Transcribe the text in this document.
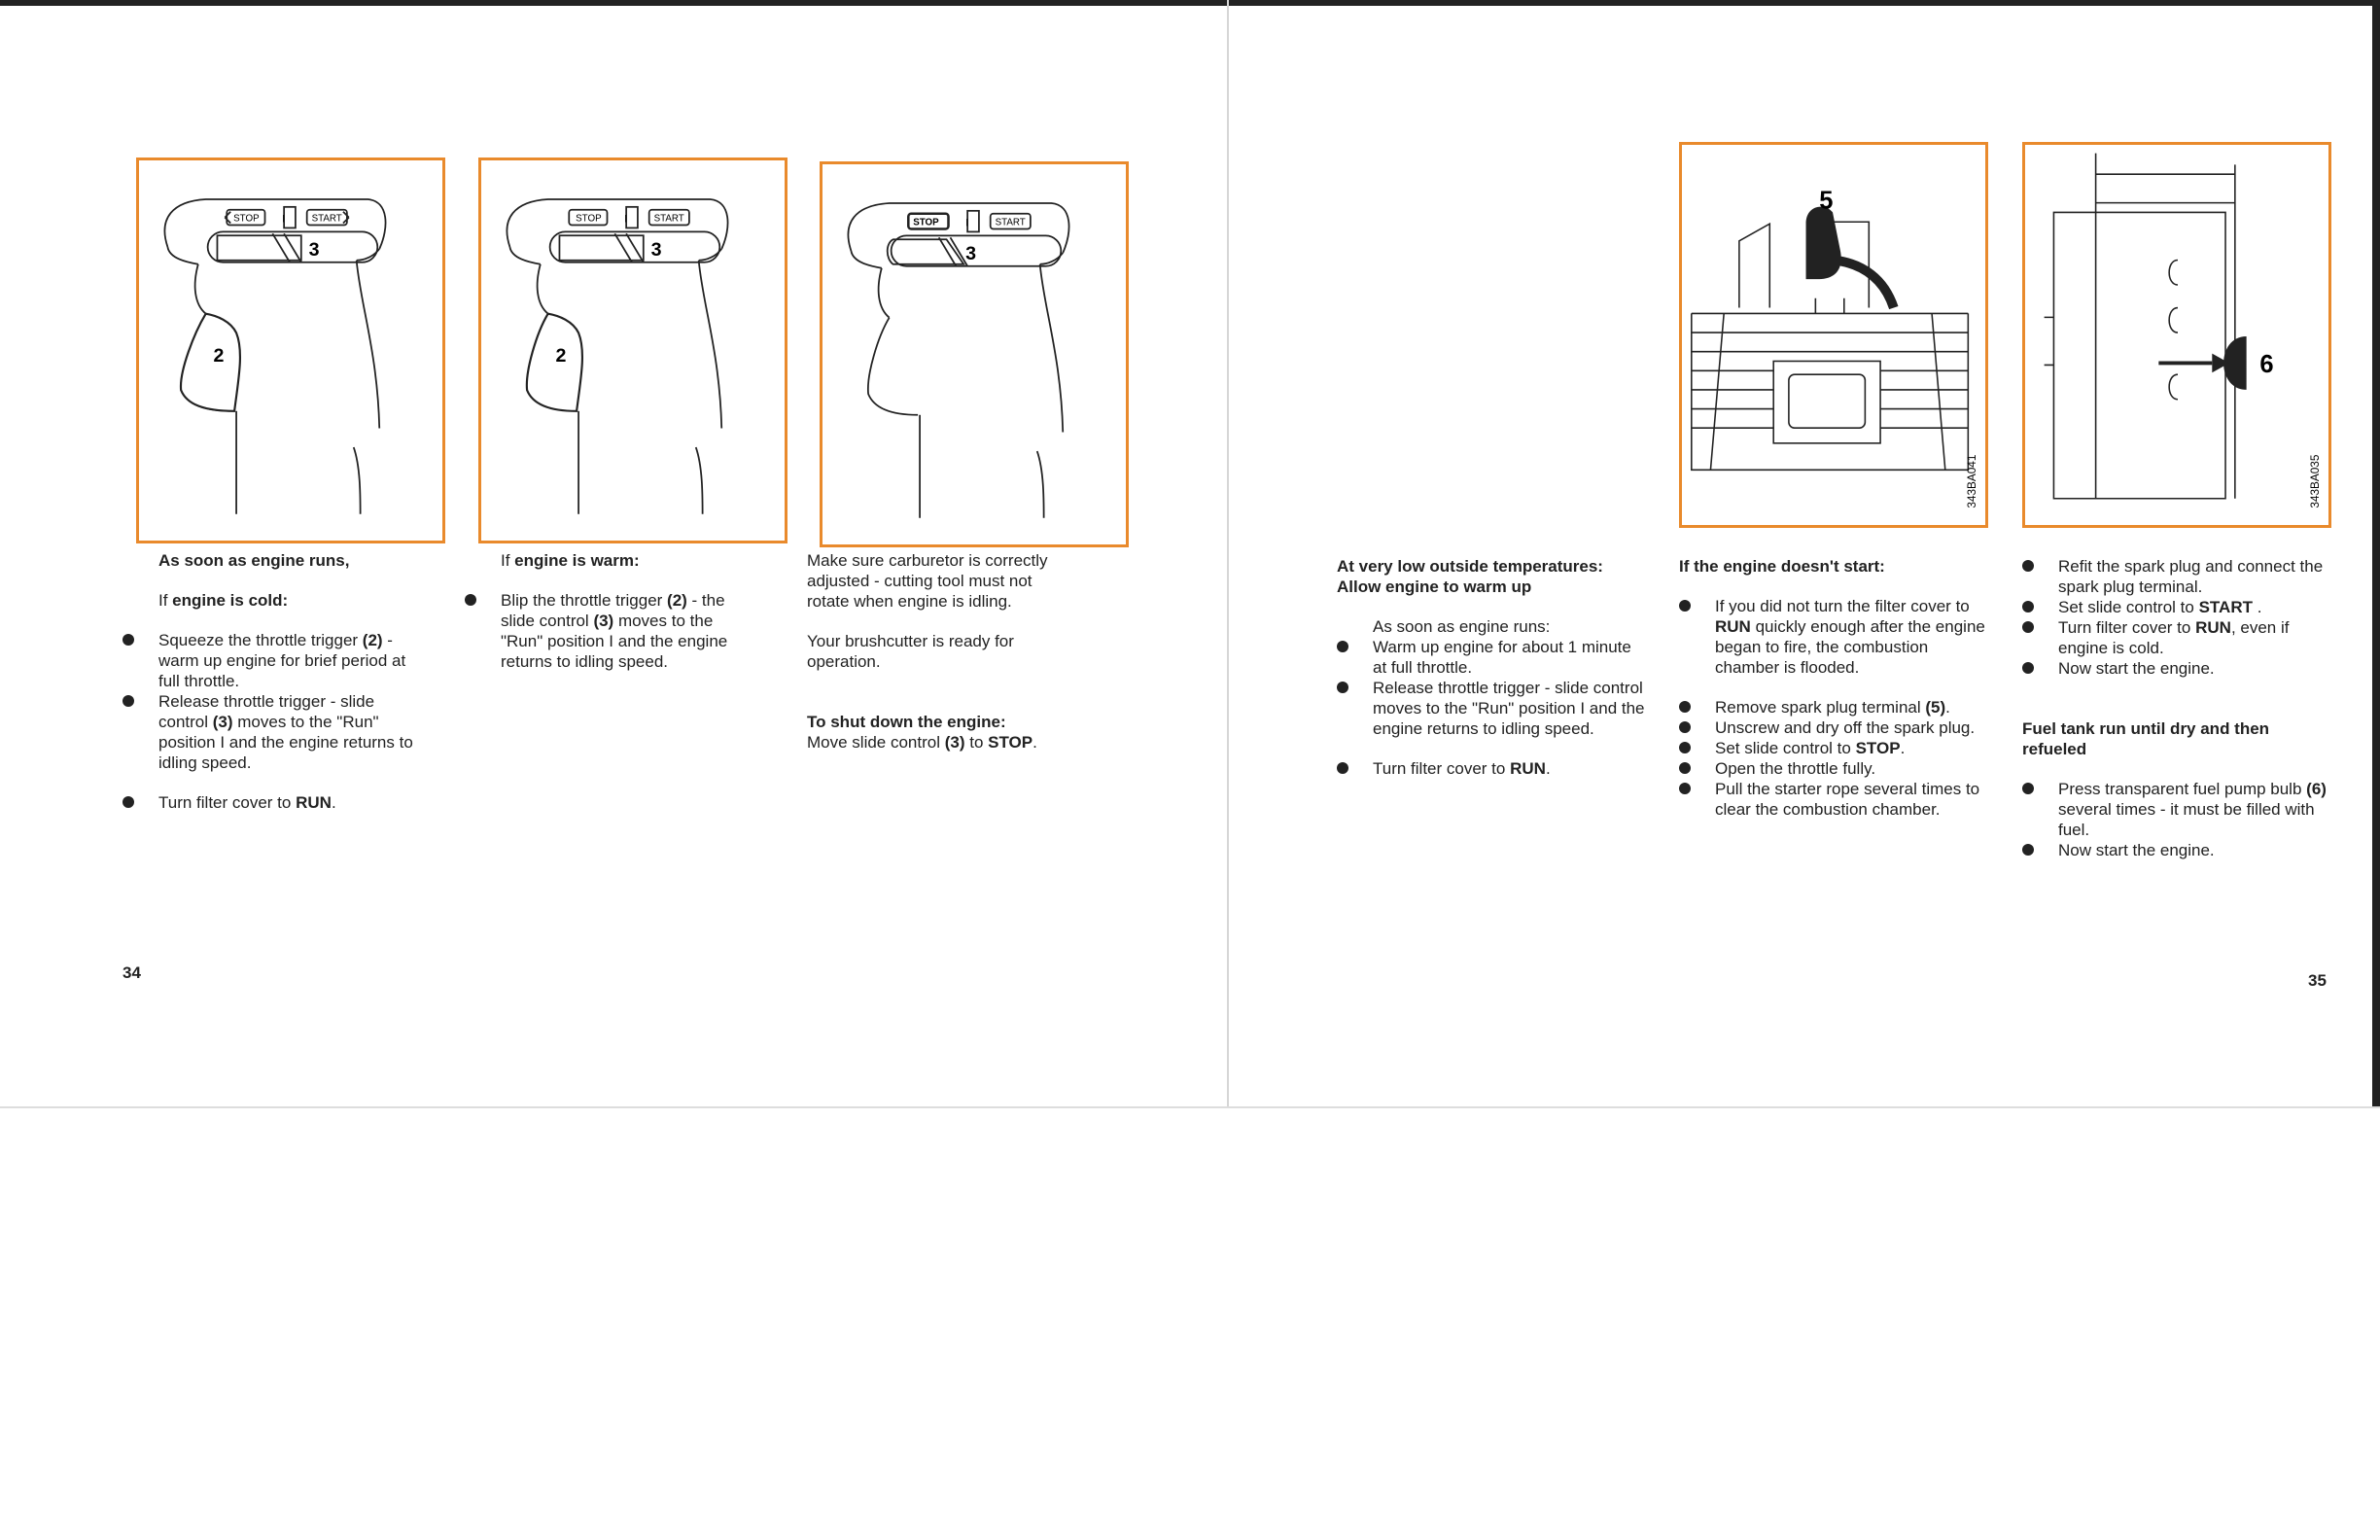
I
STOP	START
3
2
I
STOP	START
3
2
I
STOP	START
3
5
343BA041
6
343BA035

As soon as engine runs,

If engine is cold:

Squeeze the throttle trigger (2) - warm up engine for brief period at full throttle.
Release throttle trigger - slide control (3) moves to the "Run" position I and the engine returns to idling speed.
Turn filter cover to RUN.

If engine is warm:

Blip the throttle trigger (2) - the slide control (3) moves to the "Run" position I and the engine returns to idling speed.

Make sure carburetor is correctly adjusted - cutting tool must not rotate when engine is idling.

Your brushcutter is ready for operation.

To shut down the engine:

Move slide control (3) to STOP.

34

At very low outside temperatures:

Allow engine to warm up

As soon as engine runs:

Warm up engine for about 1 minute at full throttle.
Release throttle trigger - slide control moves to the "Run" position I and the engine returns to idling speed.
Turn filter cover to RUN.

If the engine doesn't start:

If you did not turn the filter cover to RUN quickly enough after the engine began to fire, the combustion chamber is flooded.
Remove spark plug terminal (5).
Unscrew and dry off the spark plug.
Set slide control to STOP.
Open the throttle fully.
Pull the starter rope several times to clear the combustion chamber.
Refit the spark plug and connect the spark plug terminal.
Set slide control to START .
Turn filter cover to RUN, even if engine is cold.
Now start the engine.

Fuel tank run until dry and then refueled

Press transparent fuel pump bulb (6) several times - it must be filled with fuel.
Now start the engine.
35
